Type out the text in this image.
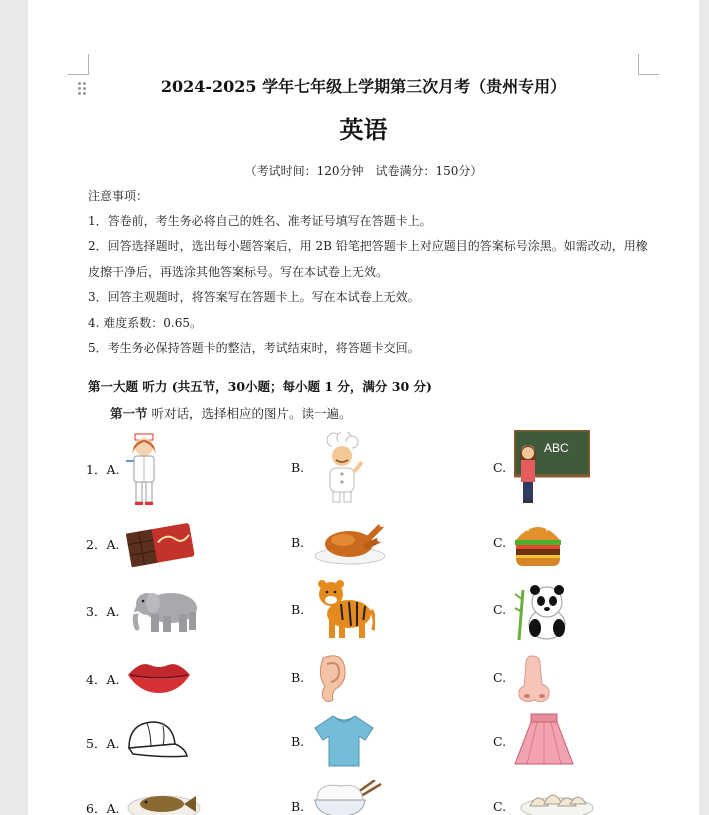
2024-2025 学年七年级上学期第三次月考（贵州专用）
英语
（考试时间：120分钟　试卷满分：150分）
注意事项：
1．答卷前，考生务必将自己的姓名、准考证号填写在答题卡上。
2．回答选择题时，选出每小题答案后，用 2B 铅笔把答题卡上对应题目的答案标号涂黑。如需改动，用橡
皮擦干净后，再选涂其他答案标号。写在本试卷上无效。
3．回答主观题时，将答案写在答题卡上。写在本试卷上无效。
4. 难度系数：0.65。
5．考生务必保持答题卡的整洁，考试结束时，将答题卡交回。
第一大题 听力 (共五节，30小题；每小题 1 分，满分 30 分)
第一节 听对话，选择相应的图片。读一遍。
1．A.	B.	C.
ABC
2．A.	B.	C.
3．A.	B.	C.
4．A.	B.	C.
5．A.	B.	C.
6．A.	B.	C.
